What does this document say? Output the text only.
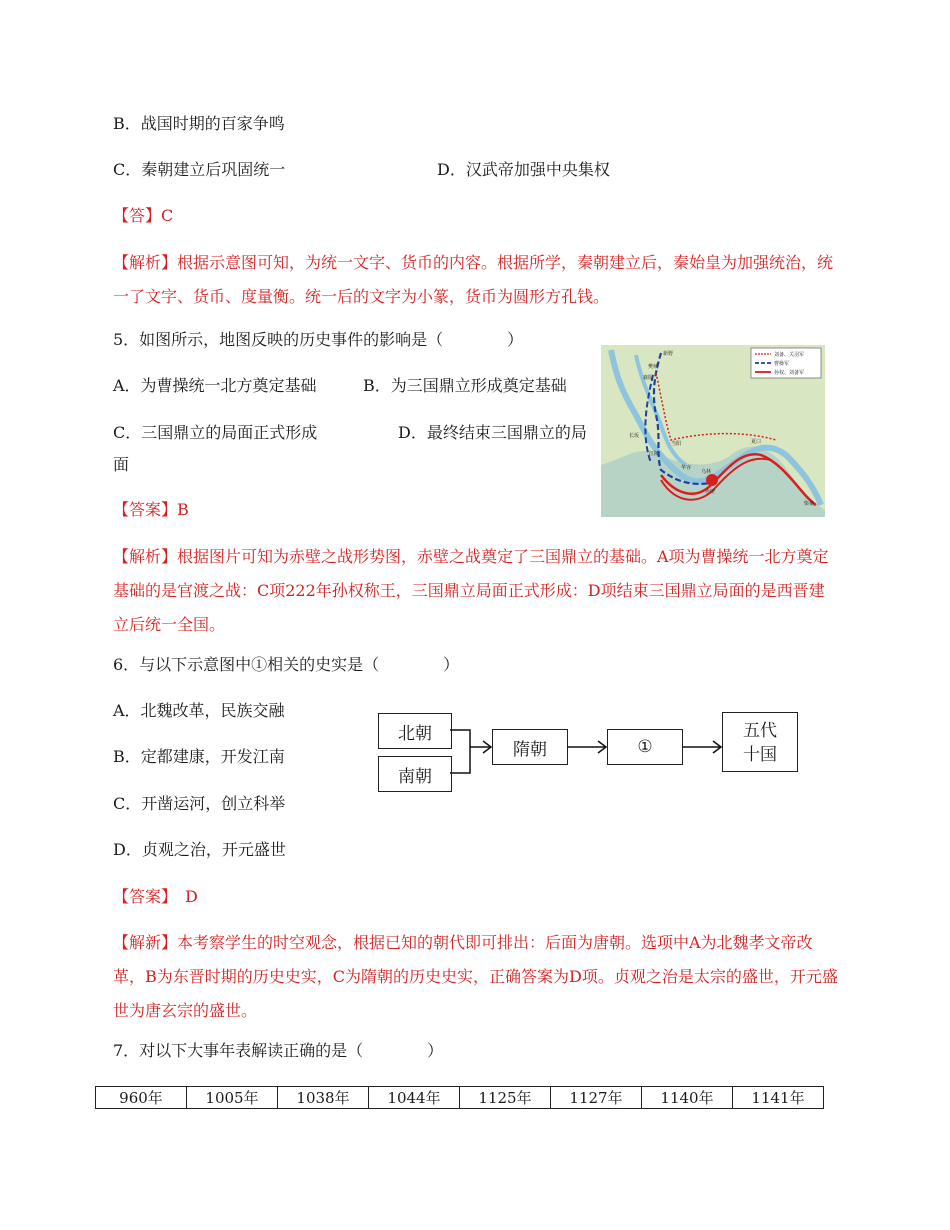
B．战国时期的百家争鸣
C．秦朝建立后巩固统一	D．汉武帝加强中央集权
【答】C
【解析】根据示意图可知，为统一文字、货币的内容。根据所学，秦朝建立后，秦始皇为加强统治，统一了文字、货币、度量衡。统一后的文字为小篆，货币为圆形方孔钱。
5．如图所示，地图反映的历史事件的影响是（　　　　）
A．为曹操统一北方奠定基础	B．为三国鼎立形成奠定基础
C．三国鼎立的局面正式形成	D．最终结束三国鼎立的局
面
刘备、关羽军
曹操军
孙权、刘备军
新野
樊城
襄阳
当阳
长坂
江陵
华容
乌林
赤壁
夏口
柴桑
【答案】B
【解析】根据图片可知为赤壁之战形势图，赤壁之战奠定了三国鼎立的基础。A项为曹操统一北方奠定基础的是官渡之战：C项222年孙权称王，三国鼎立局面正式形成：D项结束三国鼎立局面的是西晋建立后统一全国。
6．与以下示意图中①相关的史实是（　　　　）
A．北魏改革，民族交融
B．定都建康，开发江南
C．开凿运河，创立科举
D．贞观之治，开元盛世
北朝
南朝
隋朝	①
五代
十国
【答案】　D
【解新】本考察学生的时空观念，根据已知的朝代即可排出：后面为唐朝。选项中A为北魏孝文帝改革，B为东晋时期的历史史实，C为隋朝的历史史实，正确答案为D项。贞观之治是太宗的盛世，开元盛世为唐玄宗的盛世。
7．对以下大事年表解读正确的是（　　　　）
960年	1005年	1038年	1044年	1125年	1127年	1140年	1141年
